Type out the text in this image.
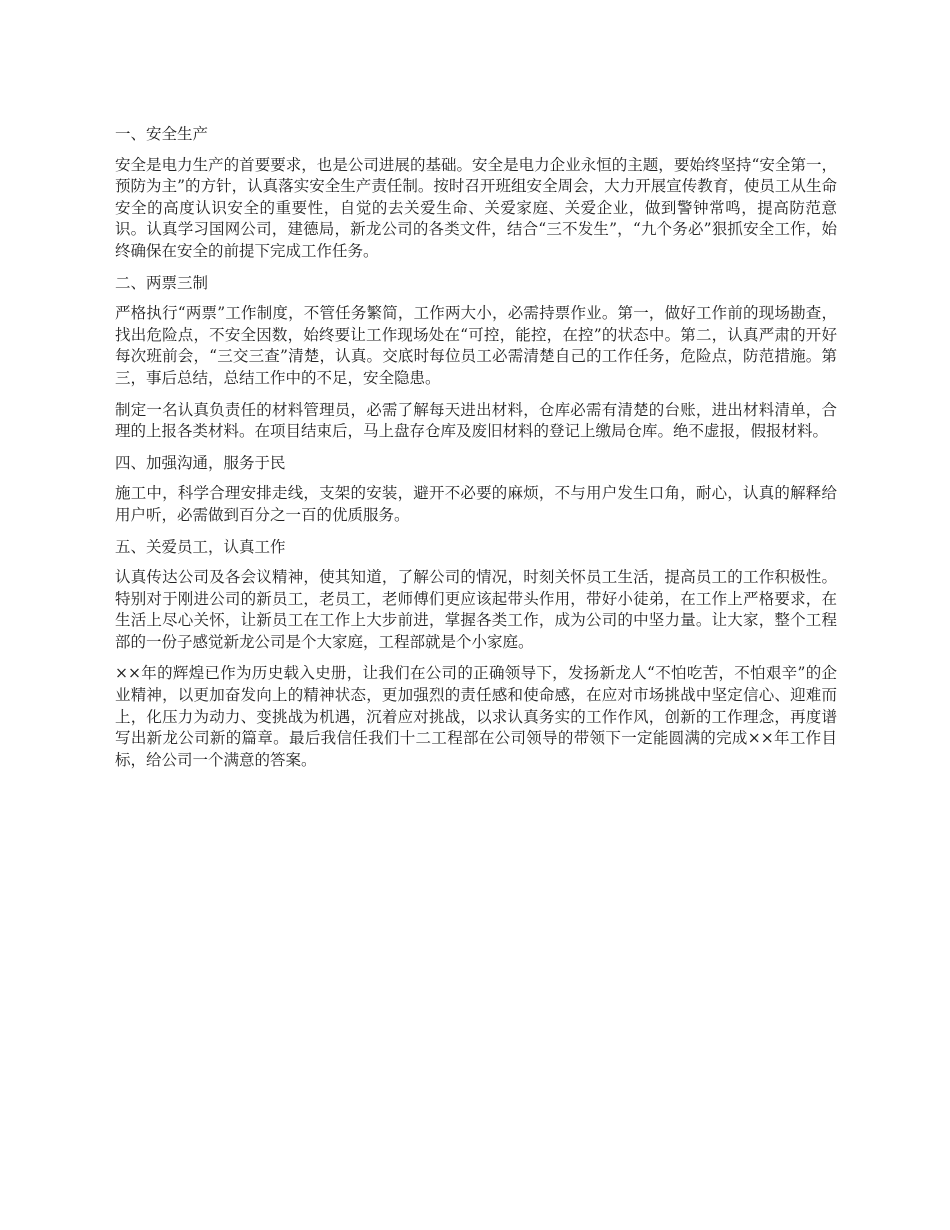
一、安全生产
安全是电力生产的首要要求，也是公司进展的基础。安全是电力企业永恒的主题，要始终坚持“安全第一，预防为主”的方针，认真落实安全生产责任制。按时召开班组安全周会，大力开展宣传教育，使员工从生命安全的高度认识安全的重要性，自觉的去关爱生命、关爱家庭、关爱企业，做到警钟常鸣，提高防范意识。认真学习国网公司，建德局，新龙公司的各类文件，结合“三不发生”，“九个务必”狠抓安全工作，始终确保在安全的前提下完成工作任务。
二、两票三制
严格执行“两票”工作制度，不管任务繁简，工作两大小，必需持票作业。第一，做好工作前的现场勘查，找出危险点，不安全因数，始终要让工作现场处在“可控，能控，在控”的状态中。第二，认真严肃的开好每次班前会，“三交三查”清楚，认真。交底时每位员工必需清楚自己的工作任务，危险点，防范措施。第三，事后总结，总结工作中的不足，安全隐患。
制定一名认真负责任的材料管理员，必需了解每天进出材料，仓库必需有清楚的台账，进出材料清单，合理的上报各类材料。在项目结束后，马上盘存仓库及废旧材料的登记上缴局仓库。绝不虚报，假报材料。
四、加强沟通，服务于民
施工中，科学合理安排走线，支架的安装，避开不必要的麻烦，不与用户发生口角，耐心，认真的解释给用户听，必需做到百分之一百的优质服务。
五、关爱员工，认真工作
认真传达公司及各会议精神，使其知道，了解公司的情况，时刻关怀员工生活，提高员工的工作积极性。特别对于刚进公司的新员工，老员工，老师傅们更应该起带头作用，带好小徒弟，在工作上严格要求，在生活上尽心关怀，让新员工在工作上大步前进，掌握各类工作，成为公司的中坚力量。让大家，整个工程部的一份子感觉新龙公司是个大家庭，工程部就是个小家庭。
××年的辉煌已作为历史载入史册，让我们在公司的正确领导下，发扬新龙人“不怕吃苦，不怕艰辛”的企业精神，以更加奋发向上的精神状态，更加强烈的责任感和使命感，在应对市场挑战中坚定信心、迎难而上，化压力为动力、变挑战为机遇，沉着应对挑战，以求认真务实的工作作风，创新的工作理念，再度谱写出新龙公司新的篇章。最后我信任我们十二工程部在公司领导的带领下一定能圆满的完成××年工作目标，给公司一个满意的答案。
